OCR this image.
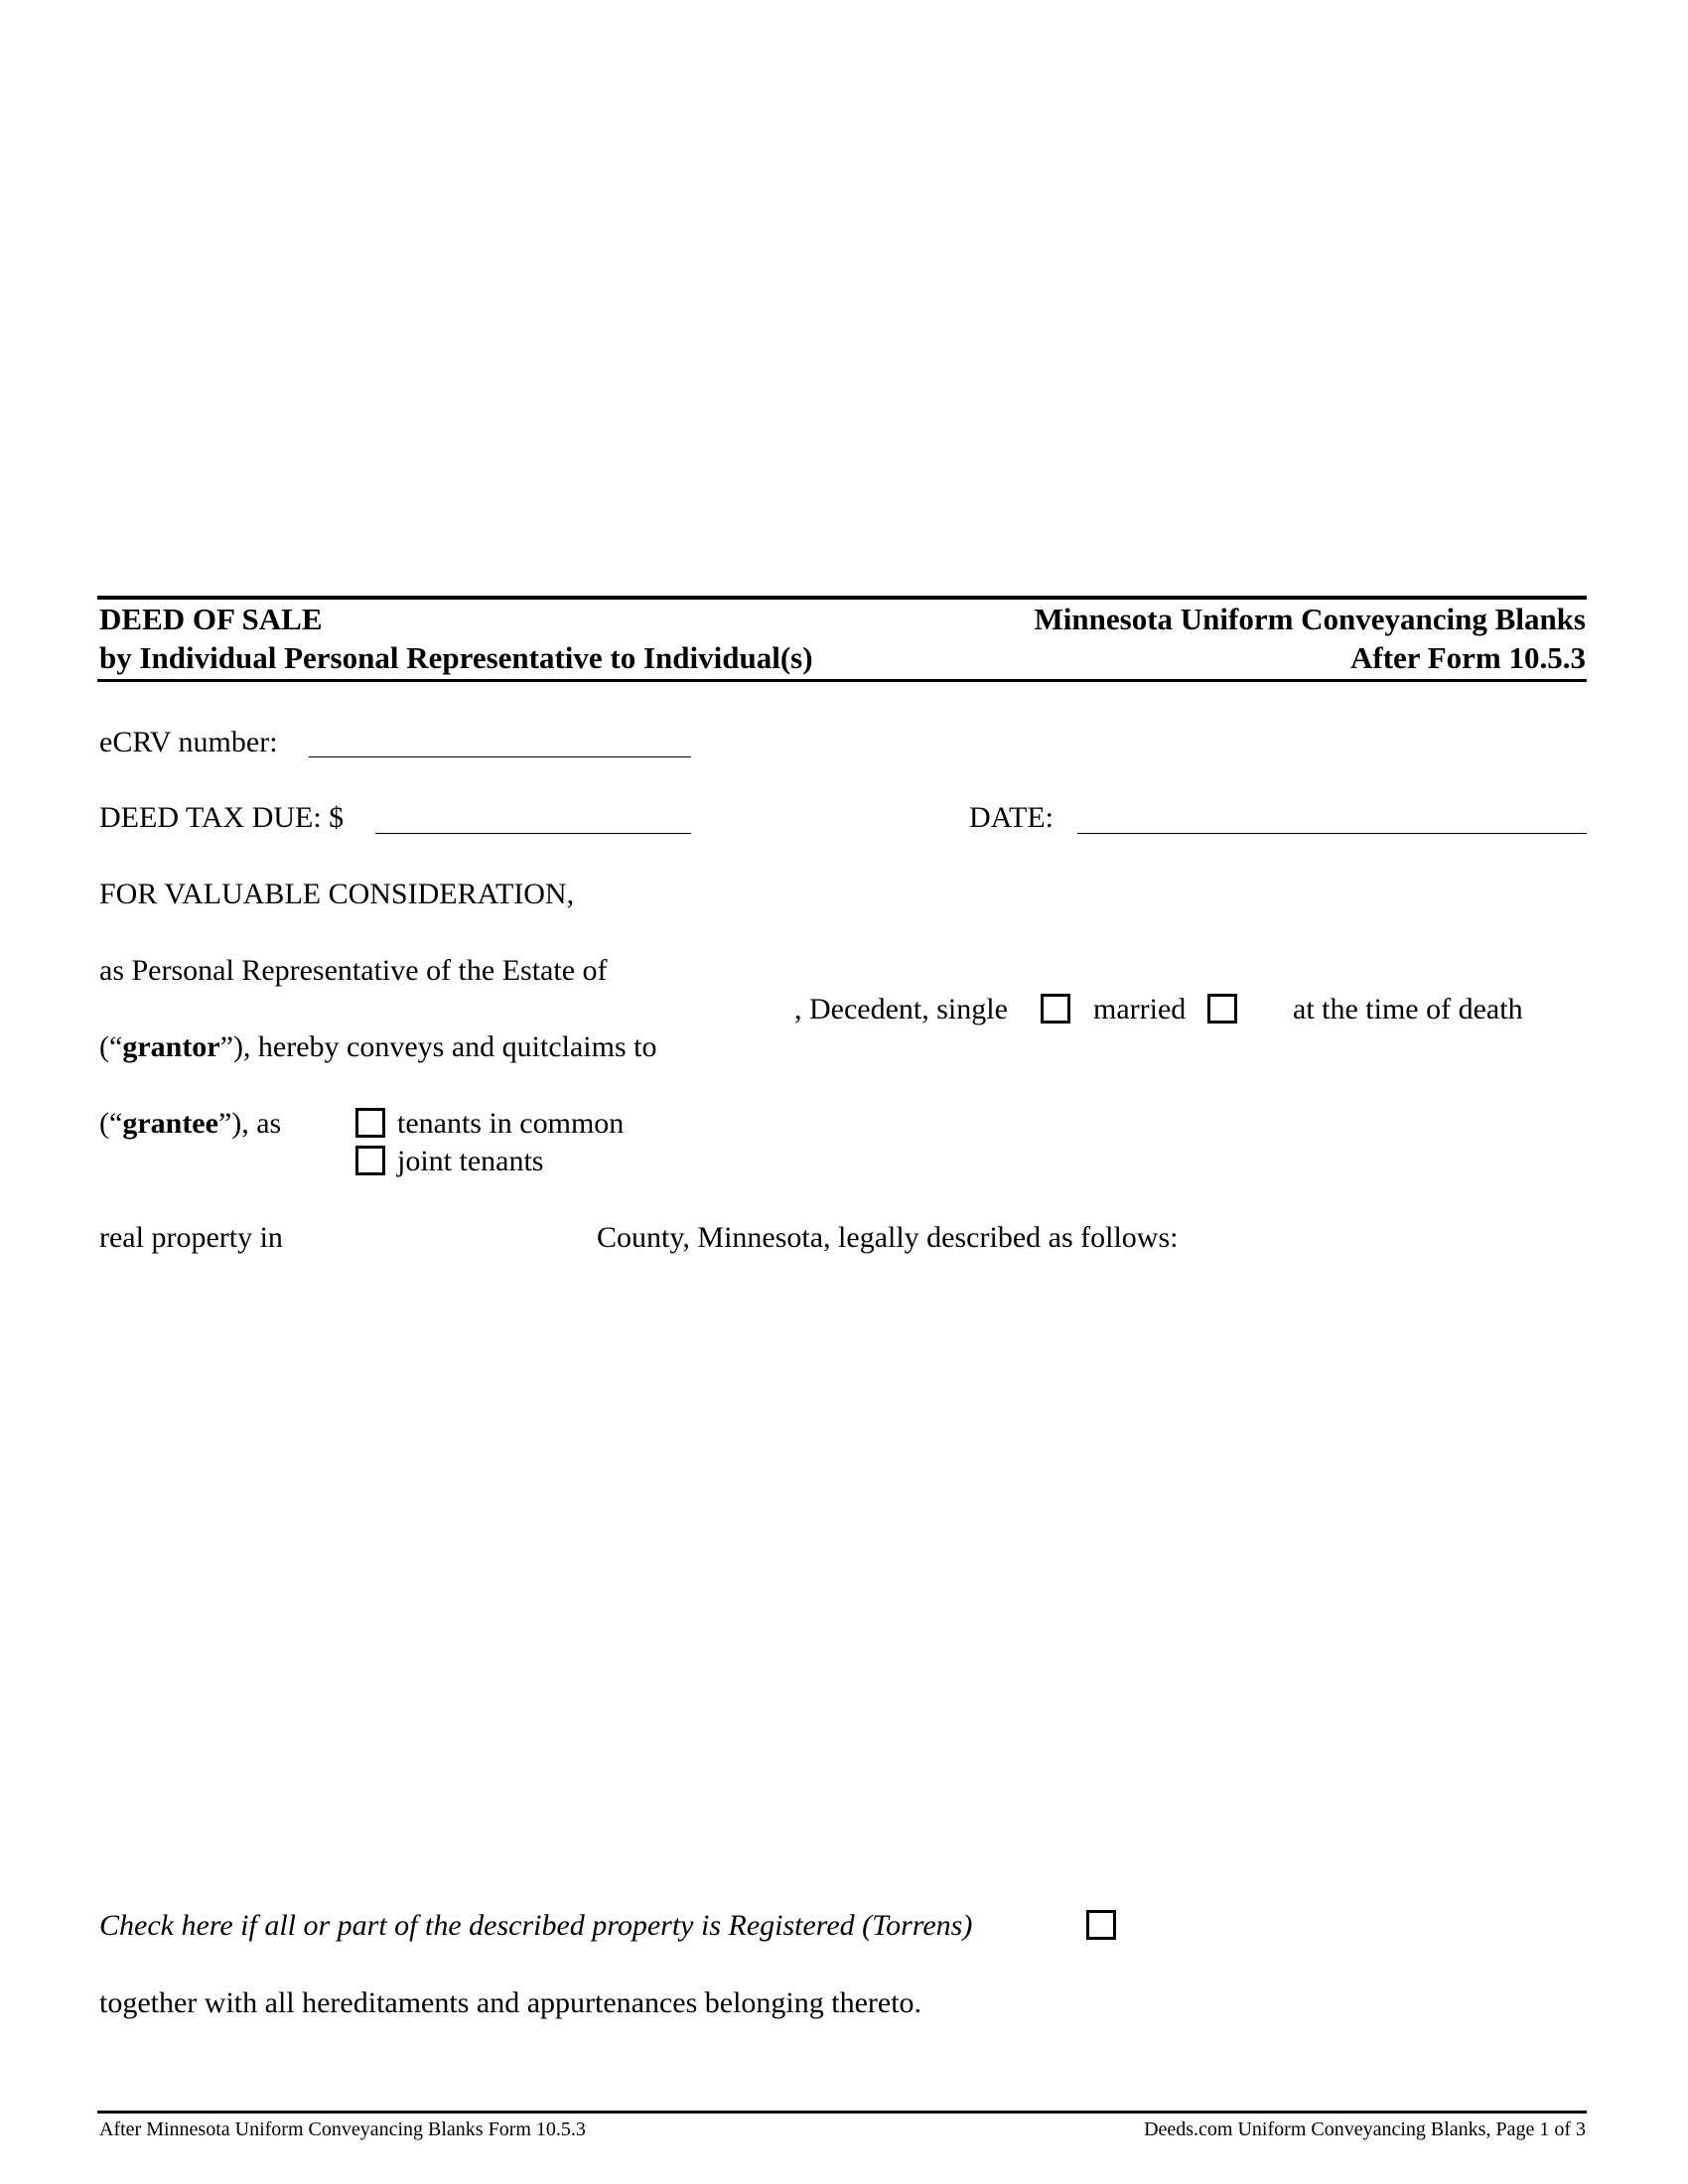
DEED OF SALE
by Individual Personal Representative to Individual(s)
Minnesota Uniform Conveyancing Blanks
After Form 10.5.3
eCRV number:
DEED TAX DUE: $	DATE:
FOR VALUABLE CONSIDERATION,
as Personal Representative of the Estate of
, Decedent, single	married	at the time of death
(“grantor”), hereby conveys and quitclaims to
(“grantee”), as	tenants in common
joint tenants
real property in	County, Minnesota, legally described as follows:
Check here if all or part of the described property is Registered (Torrens)
together with all hereditaments and appurtenances belonging thereto.
After Minnesota Uniform Conveyancing Blanks Form 10.5.3	Deeds.com Uniform Conveyancing Blanks, Page 1 of 3
